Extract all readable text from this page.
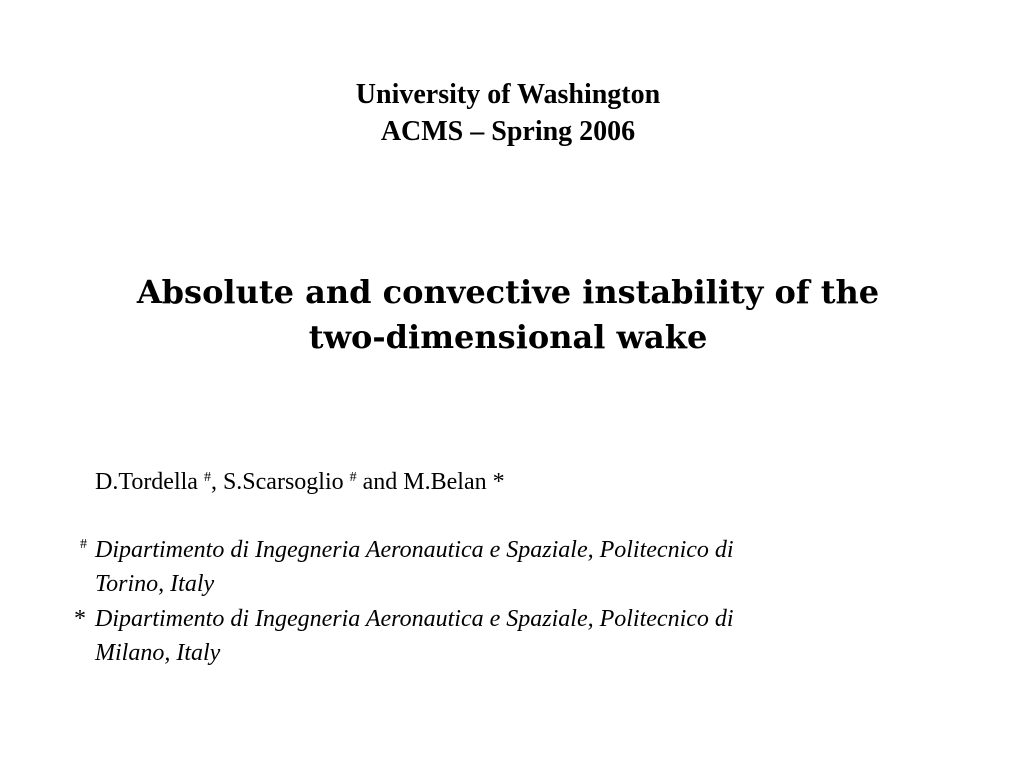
University of Washington
ACMS – Spring 2006
Absolute and convective instability of the
two-dimensional wake
D.Tordella #, S.Scarsoglio # and M.Belan *
# Dipartimento di Ingegneria Aeronautica e Spaziale, Politecnico di
Torino, Italy
* Dipartimento di Ingegneria Aeronautica e Spaziale, Politecnico di
Milano, Italy
